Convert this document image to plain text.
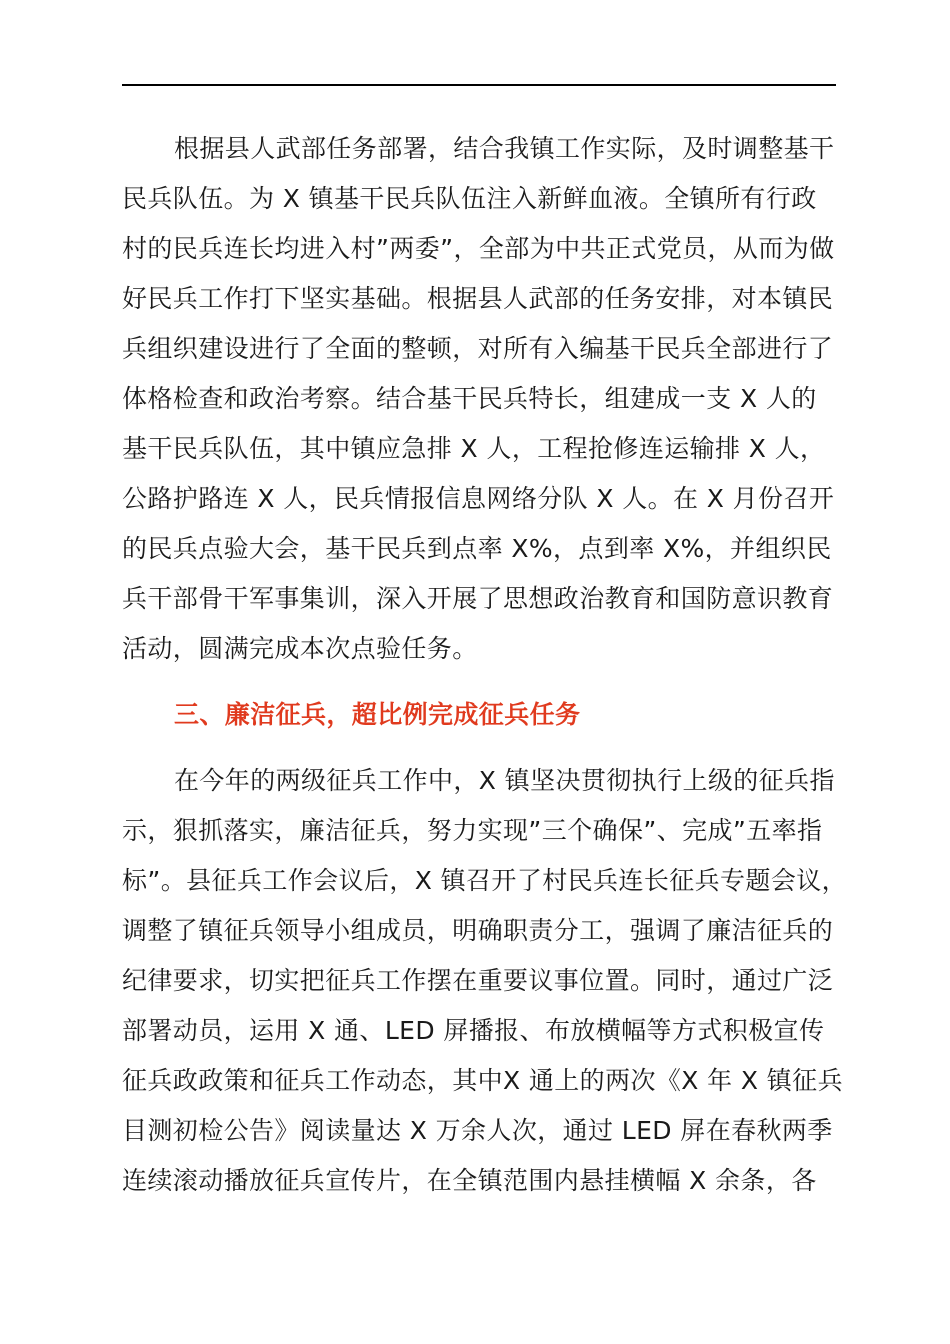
根据县人武部任务部署，结合我镇工作实际，及时调整基干
民兵队伍。为 X 镇基干民兵队伍注入新鲜血液。全镇所有行政
村的民兵连长均进入村”两委”，全部为中共正式党员，从而为做
好民兵工作打下坚实基础。根据县人武部的任务安排，对本镇民
兵组织建设进行了全面的整顿，对所有入编基干民兵全部进行了
体格检查和政治考察。结合基干民兵特长，组建成一支 X 人的
基干民兵队伍，其中镇应急排 X 人，工程抢修连运输排 X 人，
公路护路连 X 人，民兵情报信息网络分队 X 人。在 X 月份召开
的民兵点验大会，基干民兵到点率 X%，点到率 X%，并组织民
兵干部骨干军事集训，深入开展了思想政治教育和国防意识教育
活动，圆满完成本次点验任务。
三、廉洁征兵，超比例完成征兵任务
在今年的两级征兵工作中，X 镇坚决贯彻执行上级的征兵指
示，狠抓落实，廉洁征兵，努力实现”三个确保”、完成”五率指
标”。县征兵工作会议后，X 镇召开了村民兵连长征兵专题会议，
调整了镇征兵领导小组成员，明确职责分工，强调了廉洁征兵的
纪律要求，切实把征兵工作摆在重要议事位置。同时，通过广泛
部署动员，运用 X 通、LED 屏播报、布放横幅等方式积极宣传
征兵政政策和征兵工作动态，其中X 通上的两次《X 年 X 镇征兵
目测初检公告》阅读量达 X 万余人次，通过 LED 屏在春秋两季
连续滚动播放征兵宣传片，在全镇范围内悬挂横幅 X 余条，各
